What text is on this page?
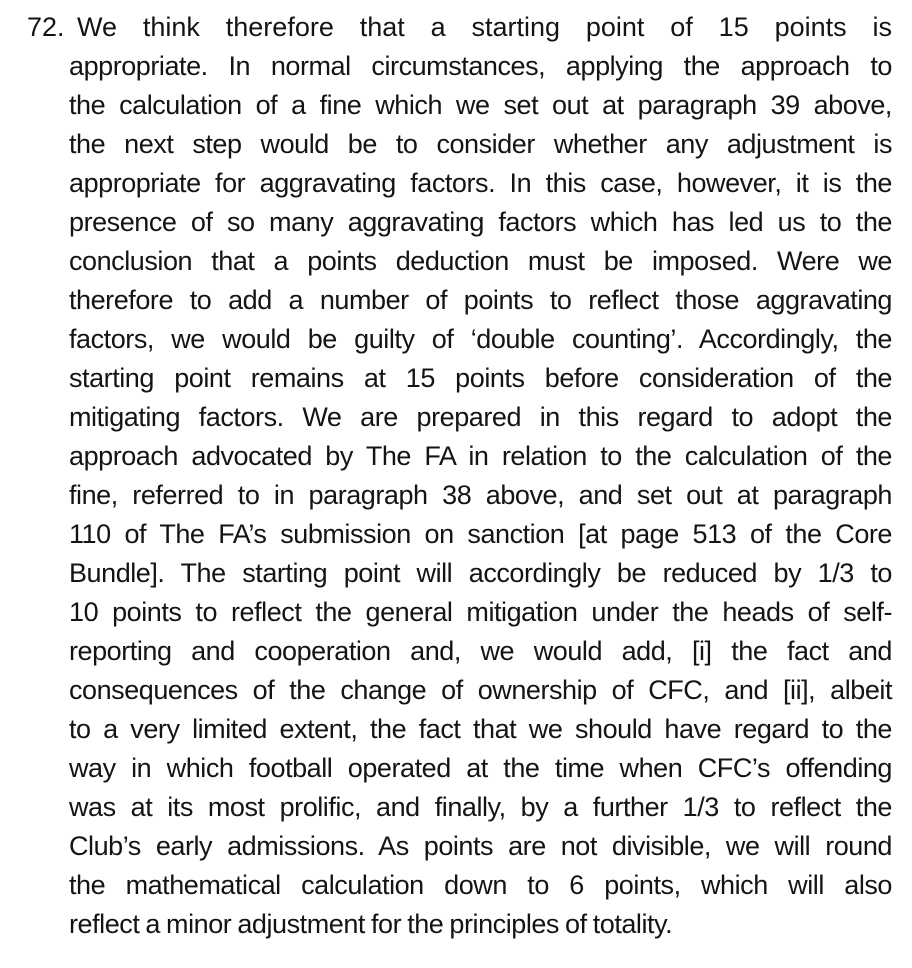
72. We think therefore that a starting point of 15 points is
appropriate. In normal circumstances, applying the approach to
the calculation of a fine which we set out at paragraph 39 above,
the next step would be to consider whether any adjustment is
appropriate for aggravating factors. In this case, however, it is the
presence of so many aggravating factors which has led us to the
conclusion that a points deduction must be imposed. Were we
therefore to add a number of points to reflect those aggravating
factors, we would be guilty of ‘double counting’. Accordingly, the
starting point remains at 15 points before consideration of the
mitigating factors. We are prepared in this regard to adopt the
approach advocated by The FA in relation to the calculation of the
fine, referred to in paragraph 38 above, and set out at paragraph
110 of The FA’s submission on sanction [at page 513 of the Core
Bundle]. The starting point will accordingly be reduced by 1/3 to
10 points to reflect the general mitigation under the heads of self-
reporting and cooperation and, we would add, [i] the fact and
consequences of the change of ownership of CFC, and [ii], albeit
to a very limited extent, the fact that we should have regard to the
way in which football operated at the time when CFC’s offending
was at its most prolific, and finally, by a further 1/3 to reflect the
Club’s early admissions. As points are not divisible, we will round
the mathematical calculation down to 6 points, which will also
reflect a minor adjustment for the principles of totality.
